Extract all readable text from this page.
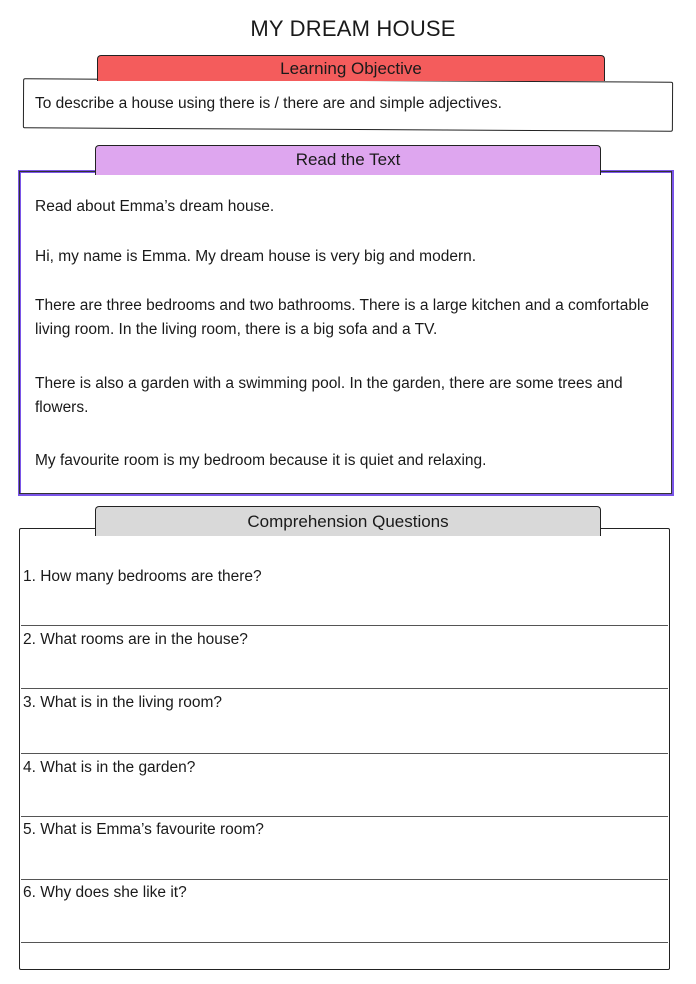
MY DREAM HOUSE
Learning Objective
To describe a house using there is / there are and simple adjectives.
Read the Text
Read about Emma’s dream house.
Hi, my name is Emma. My dream house is very big and modern.
There are three bedrooms and two bathrooms. There is a large kitchen and a comfortable living room. In the living room, there is a big sofa and a TV.
There is also a garden with a swimming pool. In the garden, there are some trees and flowers.
My favourite room is my bedroom because it is quiet and relaxing.
Comprehension Questions
1. How many bedrooms are there?
2. What rooms are in the house?
3. What is in the living room?
4. What is in the garden?
5. What is Emma’s favourite room?
6. Why does she like it?
